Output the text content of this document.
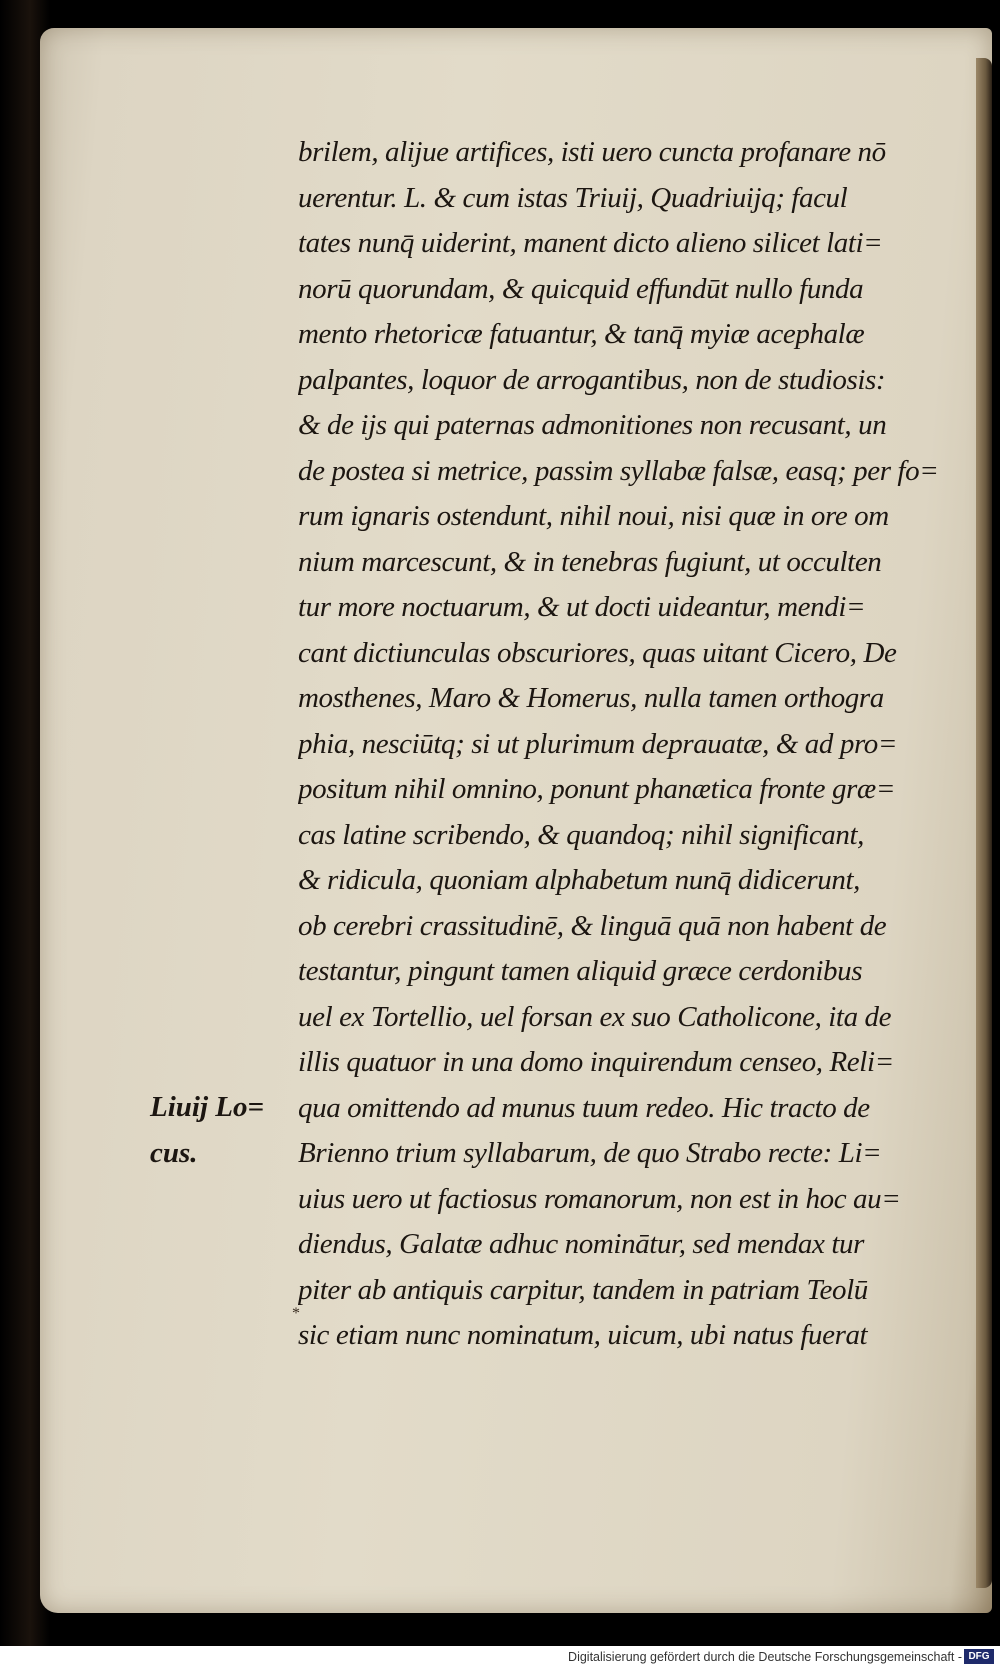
brilem, alijue artifices, isti uero cuncta profanare nō
uerentur. L. & cum istas Triuij, Quadriuijq; facul
tates nunq̄ uiderint, manent dicto alieno silicet lati=
norū quorundam, & quicquid effundūt nullo funda
mento rhetoricæ fatuantur, & tanq̄ myiæ acephalæ
palpantes, loquor de arrogantibus, non de studiosis:
& de ijs qui paternas admonitiones non recusant, un
de postea si metrice, passim syllabæ falsæ, easq; per fo=
rum ignaris ostendunt, nihil noui, nisi quæ in ore om
nium marcescunt, & in tenebras fugiunt, ut occulten
tur more noctuarum, & ut docti uideantur, mendi=
cant dictiunculas obscuriores, quas uitant Cicero, De
mosthenes, Maro & Homerus, nulla tamen orthogra
phia, nesciūtq; si ut plurimum deprauatæ, & ad pro=
positum nihil omnino, ponunt phanætica fronte græ=
cas latine scribendo, & quandoq; nihil significant,
& ridicula, quoniam alphabetum nunq̄ didicerunt,
ob cerebri crassitudinē, & linguā quā non habent de
testantur, pingunt tamen aliquid græce cerdonibus
uel ex Tortellio, uel forsan ex suo Catholicone, ita de
illis quatuor in una domo inquirendum censeo, Reli=
qua omittendo ad munus tuum redeo. Hic tracto de
Brienno trium syllabarum, de quo Strabo recte: Li=
uius uero ut factiosus romanorum, non est in hoc au=
diendus, Galatæ adhuc nominātur, sed mendax tur
piter ab antiquis carpitur, tandem in patriam Teolū
sic etiam nunc nominatum, uicum, ubi natus fuerat
Liuij Lo=
cus.
*
Digitalisierung gefördert durch die Deutsche Forschungsgemeinschaft - DFG
